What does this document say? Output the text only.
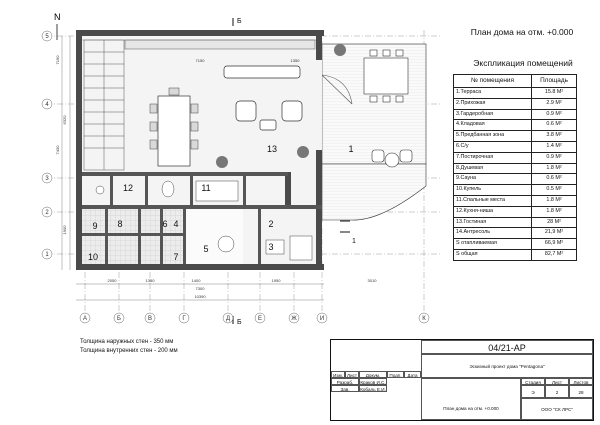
N
1
2
3
4
5
6
7
8
9
10
11
12
13
Б
Б
1
7150	1350
10390
2050	1350	1400	1950	3010
7300
6320
7430
7190
1900
А	Б	В	Г	Д	Е	Ж	И	К
5
4
3
2
1
План дома на отм. +0.000
Экспликация помещений
№ помещения	Площадь
1.Терраса	15.8 М²
2.Прихожая	2.9 М²
3.Гардеробная	0.9 М²
4.Кладовая	0.6 М²
5.Предбанная зона	3.8 М²
6.С/у	1.4 М²
7.Постирочная	0.9 М²
8.Душевая	1.8 М²
9.Сауна	0.6 М²
10.Купель	0.5 М²
11.Спальные места	1.8 М²
12.Кухня-ниша	1.8 М²
13.Гостиная	28 М²
14.Антресоль	21,9 М²
S отапливаемая	66,9 М²
S общая	82,7 М²
Толщина наружных стен - 350 мм
Толщина внутренних стен - 200 мм	04/21-АР
Эскизный проект дома "Pentagona"
Изм. Лист	Докум.	Подп.	Дата
Разраб.	Краков И.С.
Зав.	Кобаль Е.И.
Стадия	Лист	Листов
Э	2	28
План дома на отм. +0.000	ООО "СК ЛРС"
